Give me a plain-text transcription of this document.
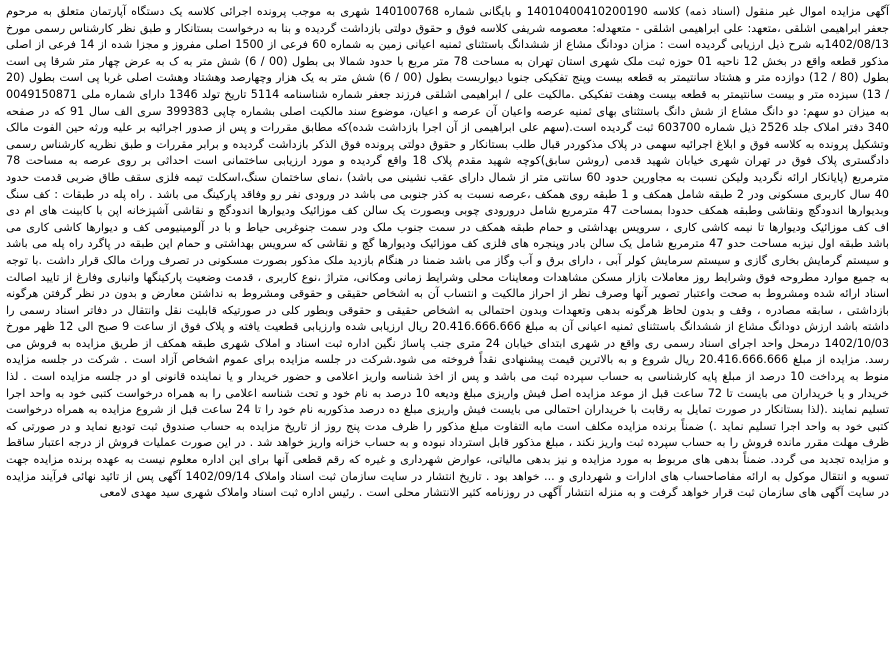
آگهی مزایده اموال غیر منقول (اسناد ذمه) کلاسه 14010400410200190 و بایگانی شماره 140100768 شهری به موجب پرونده اجرائی کلاسه یک دستگاه آپارتمان متعلق به مرحوم جعفر ابراهیمی اشلقی ،متعهد: علی ابراهیمی اشلقی - متعهدله: معصومه شریفی کلاسه فوق و حقوق دولتی بازداشت گردیده و بنا به درخواست بستانکار و طبق نظر کارشناس رسمی مورخ 1402/08/13به شرح ذیل ارزیابی گردیده است : مزان دودانگ مشاع از ششدانگ باستثنای ثمنیه اعیانی زمین به شماره 60 فرعی از 1500 اصلی مفروز و مجزا شده از 14 فرعی از اصلی مذکور قطعه واقع در بخش 12 ناحیه 01 حوزه ثبت ملک شهری استان تهران به مساحت 78 متر مربع با حدود شمالا بی بطول (00 / 6) شش متر به ک به عرض چهار متر شرقا پی است بطول (80 / 12) دوازده متر و هشتاد سانتیمتر به قطعه بیست وپنج تفکیکی جنوبا دیواربست بطول (00 / 6) شش متر به یک هزار وچهارصد وهشتاد وهشت اصلی غربا پی است بطول (20 / 13) سیزده متر و بیست سانتیمتر به قطعه بیست وهفت تفکیکی .مالکیت علی / ابراهیمی اشلقی فرزند جعفر شماره شناسنامه 5114 تاریخ تولد 1346 دارای شماره ملی 0049150871 به میزان دو سهم: دو دانگ مشاع از شش دانگ باستثنای بهای ثمنیه عرصه واعیان آن عرصه و اعیان، موضوع سند مالکیت اصلی بشماره چاپی 399383 سری الف سال 91 که در صفحه 340 دفتر املاک جلد 2526 ذیل شماره 603700 ثبت گردیده است.(سهم علی ابراهیمی از آن اجرا بازداشت شده)که مطابق مقررات و پس از صدور اجرائیه بر علیه ورثه حین الفوت مالک وتشکیل پرونده به کلاسه فوق و ابلاغ اجرائیه سهمی در پلاک مذکوردر قبال طلب بستانکار و حقوق دولتی پرونده فوق الذکر بازداشت گردیده و برابر مقررات و طبق نظریه کارشناس رسمی دادگستری پلاک فوق در تهران شهری خیابان شهید قدمی (روشن سابق)کوچه شهید مقدم پلاک 18 واقع گردیده و مورد ارزیابی ساختمانی است احداثی بر روی عرصه به مساحت 78 مترمربع (پایانکار ارائه نگردید ولیکن نسبت به مجاورین حدود 60 سانتی متر از شمال دارای عقب نشینی می باشد) ،نمای ساختمان سنگ،اسکلت تیمه فلزی سقف طاق ضربی قدمت حدود 40 سال کاربری مسکونی ودر 2 طبقه شامل همکف و 1 طبقه روی همکف ،عرصه نسبت به کذر جنوبی می باشد در ورودی نفر رو وفاقد پارکینگ می باشد . راه پله در طبقات : کف سنگ وبدیوارها اندودگچ ونقاشی وطبقه همکف حدودا بمساحت 47 مترمربع شامل درورودی چوبی وبصورت یک سالن کف موزائیک ودیوارها اندودگچ و نقاشی آشپزخانه اپن با کابینت های ام دی اف کف موزائیک ودیوارها تا نیمه کاشی کاری ، سرویس بهداشتی و حمام طبقه همکف در سمت جنوب ملک ودر سمت جنوغربی حیاط و با در آلومینیومی کف و دیوارها کاشی کاری می باشد طبقه اول نیزبه مساحت حدو 47 مترمربع شامل یک سالن بادر وپنجره های فلزی کف موزائیک ودیوارها گچ و نقاشی که سرویس بهداشتی و حمام این طبقه در پاگرد راه پله می باشد و سیستم گرمایش بخاری گازی و سیستم سرمایش کولر آبی ، دارای برق و آب وگاز می باشد ضمنا در هنگام بازدید ملک مذکور بصورت مسکونی در تصرف وراث مالک قرار داشت .با توجه به جمیع موارد مطروحه فوق وشرایط روز معاملات بازار مسکن مشاهدات ومعاینات محلی وشرایط زمانی ومکانی، متراژ ،نوع کاربری ، قدمت وضعیت پارکینگها وانباری وفارغ از تایید اصالت اسناد ارائه شده ومشروط به صحت واعتبار تصویر آنها وصرف نظر از احراز مالکیت و انتساب آن به اشخاص حقیقی و حقوقی ومشروط به نداشتن معارض و بدون در نظر گرفتن هرگونه بازداشتی ، سابقه مصادره ، وقف و بدون لحاظ هرگونه بدهی وتعهدات وبدون احتمالی به اشخاص حقیقی و حقوقی وبطور کلی در صورتیکه قابلیت نقل وانتقال در دفاتر اسناد رسمی را داشته باشد ارزش دودانگ مشاع از ششدانگ باستثنای ثمنیه اعیانی آن به مبلغ 20.416.666.666 ریال ارزیابی شده وارزیابی قطعیت یافته و پلاک فوق از ساعت 9 صبح الی 12 ظهر مورخ 1402/10/03 درمحل واحد اجرای اسناد رسمی ری واقع در شهری ابتدای خیابان 24 متری جنب پاساژ نگین اداره ثبت اسناد و املاک شهری طبقه همکف از طریق مزایده به فروش می رسد. مزایده از مبلغ 20.416.666.666 ریال شروع و به بالاترین قیمت پیشنهادی نقداً فروخته می شود.شرکت در جلسه مزایده برای عموم اشخاص آزاد است . شرکت در جلسه مزایده منوط به پرداخت 10 درصد از مبلغ پایه کارشناسی به حساب سپرده ثبت می باشد و پس از اخذ شناسه واریز اعلامی و حضور خریدار و یا نماینده قانونی او در جلسه مزایده است . لذا خریدار و یا خریداران می بایست تا 72 ساعت قبل از موعد مزایده اصل فیش واریزی مبلغ ودیعه 10 درصد به نام خود و تحت شناسه اعلامی را به همراه درخواست کتبی خود به واحد اجرا تسلیم نمایند .(لذا بستانکار در صورت تمایل به رقابت با خریداران احتمالی می بایست فیش واریزی مبلغ ده درصد مذکوربه نام خود را تا 24 ساعت قبل از شروع مزایده به همراه درخواست کتبی خود به واحد اجرا تسلیم نماید .) ضمناً برنده مزایده مکلف است مابه التفاوت مبلغ مذکور را ظرف مدت پنج روز از تاریخ مزایده به حساب صندوق ثبت تودیع نماید و در صورتی که ظرف مهلت مقرر مانده فروش را به حساب سپرده ثبت واریز نکند ، مبلغ مذکور قابل استرداد نبوده و به حساب خزانه واریز خواهد شد . در این صورت عملیات فروش از درجه اعتبار ساقط و مزایده تجدید می گردد. ضمناً بدهی های مربوط به مورد مزایده و نیز بدهی مالیاتی، عوارض شهرداری و غیره که رقم قطعی آنها برای این اداره معلوم نیست به عهده برنده مزایده جهت تسویه و انتقال موکول به ارائه مفاصاحساب های ادارات و شهرداری و ... خواهد بود . تاریخ انتشار در سایت سازمان ثبت اسناد واملاک 1402/09/14 آگهی پس از تائید نهائی فرآیند مزایده در سایت آگهی های سازمان ثبت قرار خواهد گرفت و به منزله انتشار آگهی در روزنامه کثیر الانتشار محلی است . رئیس اداره ثبت اسناد واملاک شهری سید مهدی لامعی
